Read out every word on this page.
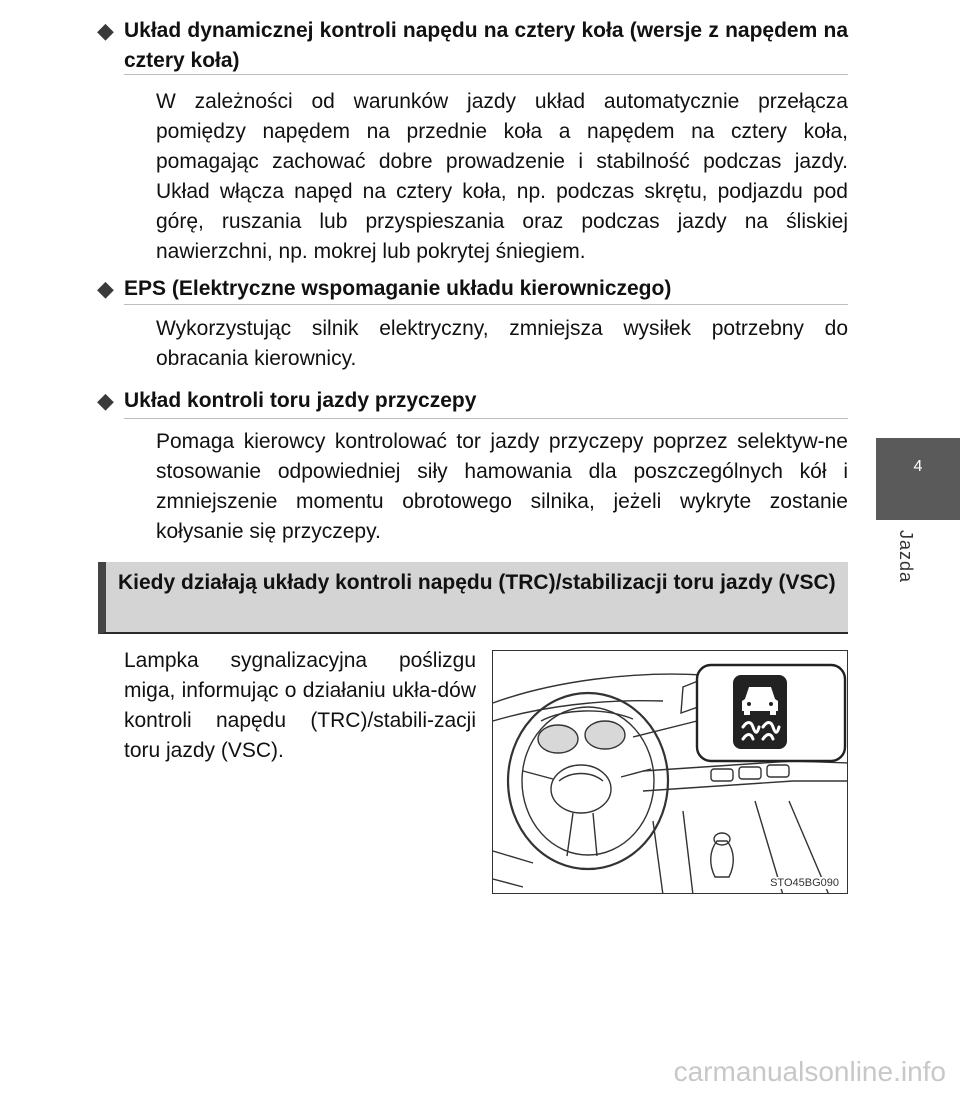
◆ Układ dynamicznej kontroli napędu na cztery koła (wersje z napędem na cztery koła)
W zależności od warunków jazdy układ automatycznie przełącza pomiędzy napędem na przednie koła a napędem na cztery koła, pomagając zachować dobre prowadzenie i stabilność podczas jazdy. Układ włącza napęd na cztery koła, np. podczas skrętu, podjazdu pod górę, ruszania lub przyspieszania oraz podczas jazdy na śliskiej nawierzchni, np. mokrej lub pokrytej śniegiem.
◆ EPS (Elektryczne wspomaganie układu kierowniczego)
Wykorzystując silnik elektryczny, zmniejsza wysiłek potrzebny do obracania kierownicy.
◆ Układ kontroli toru jazdy przyczepy
Pomaga kierowcy kontrolować tor jazdy przyczepy poprzez selektyw-ne stosowanie odpowiedniej siły hamowania dla poszczególnych kół i zmniejszenie momentu obrotowego silnika, jeżeli wykryte zostanie kołysanie się przyczepy.
Kiedy działają układy kontroli napędu (TRC)/stabilizacji toru jazdy (VSC)
Lampka sygnalizacyjna poślizgu miga, informując o działaniu ukła-dów kontroli napędu (TRC)/stabili-zacji toru jazdy (VSC).
STO45BG090
4
Jazda
carmanualsonline.info
